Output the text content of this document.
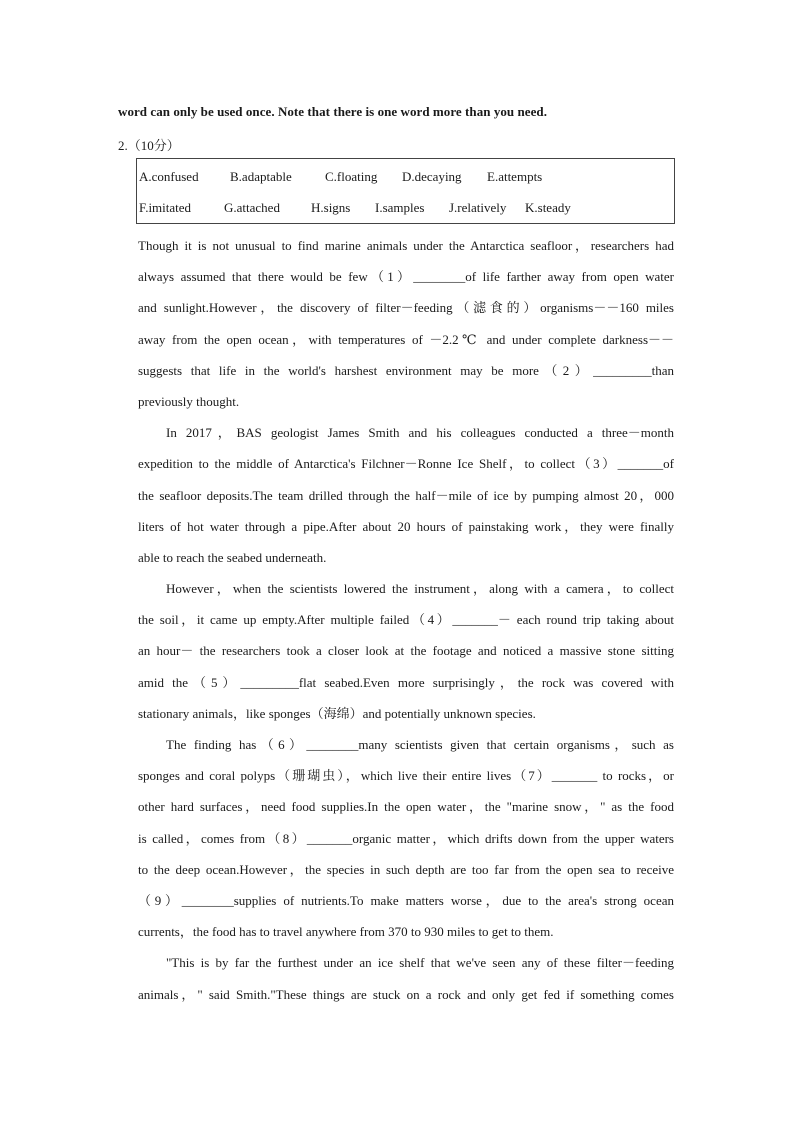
word can only be used once. Note that there is one word more than you need.
2.（10分）
A.confused B.adaptable	C.floating D.decaying E.attempts
F.imitated	G.attached H.signs I.samples J.relatively K.steady

Though it is not unusual to find marine animals under the Antarctica seafloor，researchers had
always assumed that there would be few（1）________of life farther away from open water
and sunlight.However，the discovery of filter－feeding（滤食的）organisms－－160 miles
away from the open ocean，with temperatures of －2.2℃ and under complete darkness－－
suggests that life in the world's harshest environment may be more（2）_________than
previously thought.

In 2017，BAS geologist James Smith and his colleagues conducted a three－month
expedition to the middle of Antarctica's Filchner－Ronne Ice Shelf，to collect（3）_______of
the seafloor deposits.The team drilled through the half－mile of ice by pumping almost 20，000
liters of hot water through a pipe.After about 20 hours of painstaking work，they were finally
able to reach the seabed underneath.

However，when the scientists lowered the instrument，along with a camera，to collect
the soil，it came up empty.After multiple failed（4）_______－ each round trip taking about
an hour－ the researchers took a closer look at the footage and noticed a massive stone sitting
amid the（5）_________flat seabed.Even more surprisingly，the rock was covered with
stationary animals，like sponges（海绵）and potentially unknown species.

The finding has（6）________many scientists given that certain organisms，such as
sponges and coral polyps（珊瑚虫），which live their entire lives（7）_______ to rocks，or
other hard surfaces，need food supplies.In the open water，the "marine snow，" as the food
is called，comes from（8）_______organic matter，which drifts down from the upper waters
to the deep ocean.However，the species in such depth are too far from the open sea to receive
（9）________supplies of nutrients.To make matters worse，due to the area's strong ocean
currents，the food has to travel anywhere from 370 to 930 miles to get to them.

"This is by far the furthest under an ice shelf that we've seen any of these filter－feeding
animals，" said Smith."These things are stuck on a rock and only get fed if something comes
